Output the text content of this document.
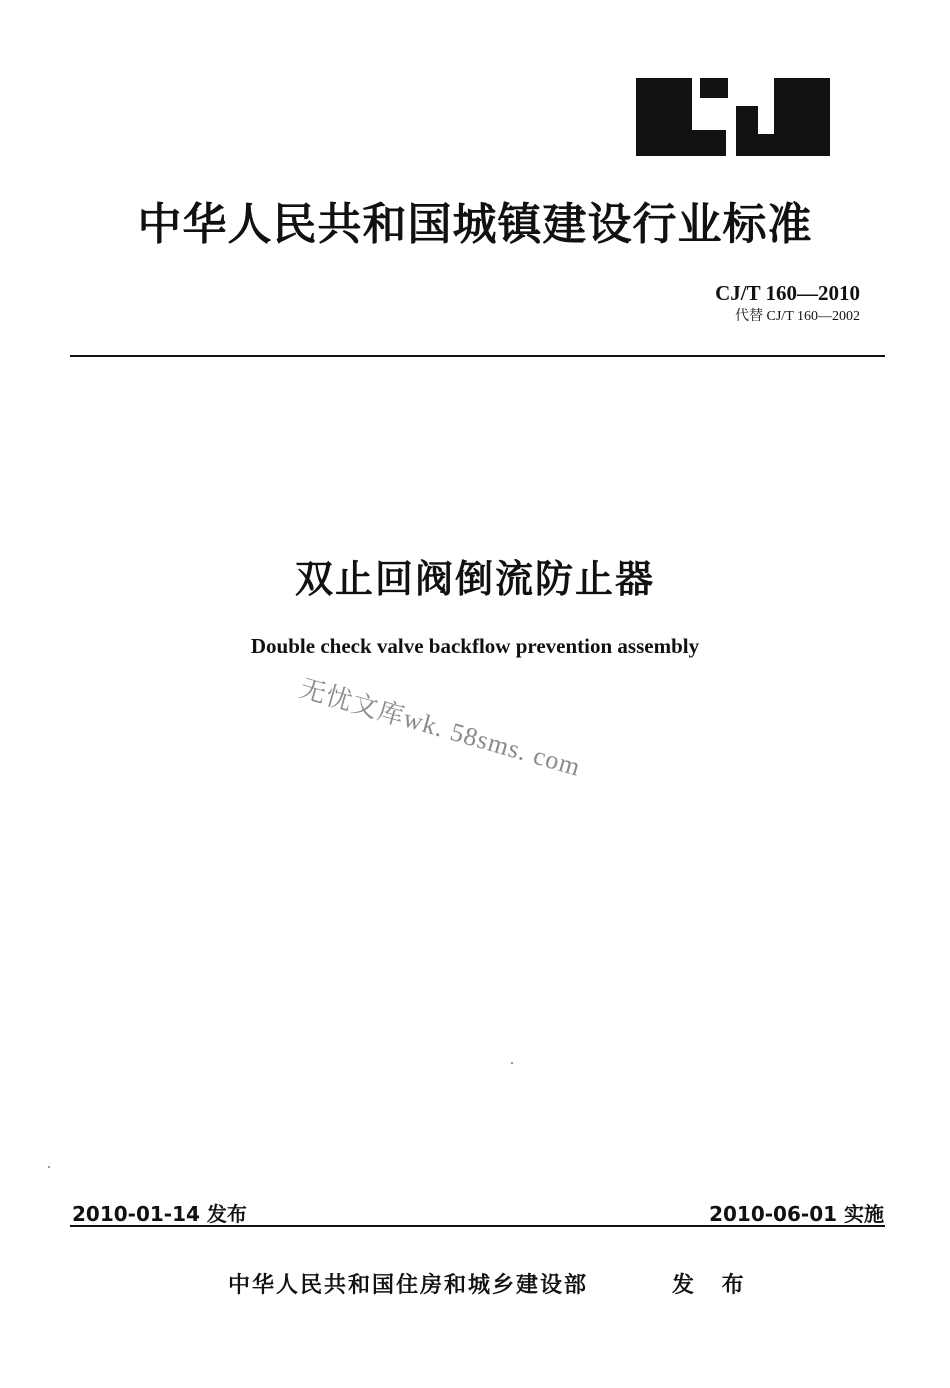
中华人民共和国城镇建设行业标准
CJ/T 160—2010
代替 CJ/T 160—2002
双止回阀倒流防止器
Double check valve backflow prevention assembly
无忧文库wk. 58sms. com
2010-01-14 发布	2010-06-01 实施
中华人民共和国住房和城乡建设部	发 布
